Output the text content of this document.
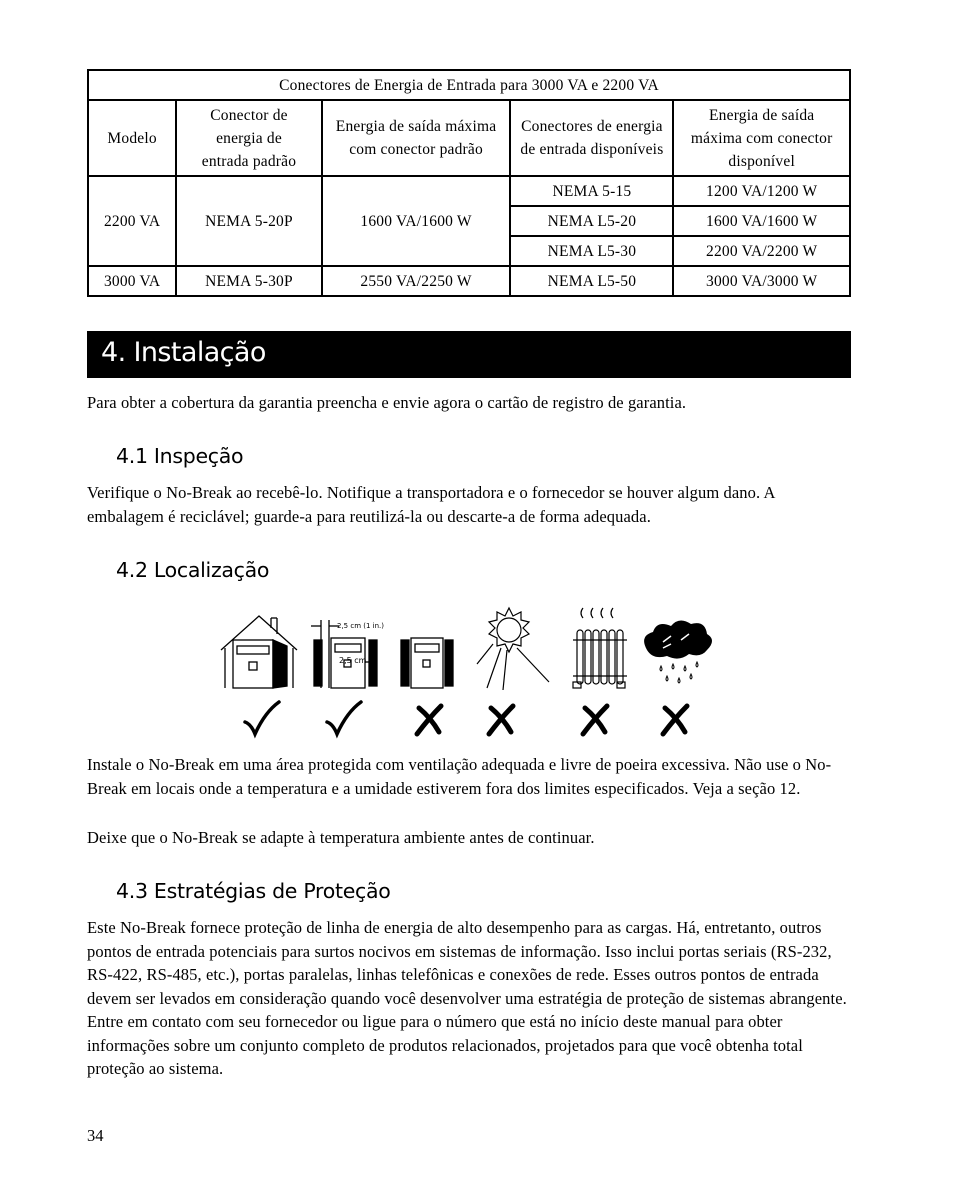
Conectores de Energia de Entrada para 3000 VA e 2200 VA				
Modelo	Conector de energia de entrada padrão	Energia de saída máxima com conector padrão	Conectores de energia de entrada disponíveis	Energia de saída máxima com conector disponível

2200 VA	NEMA 5-20P	1600 VA/1600 W	NEMA 5-15	1200 VA/1200 W
			NEMA L5-20	1600 VA/1600 W
			NEMA L5-30	2200 VA/2200 W
3000 VA	NEMA 5-30P	2550 VA/2250 W	NEMA L5-50	3000 VA/3000 W
4. Instalação

Para obter a cobertura da garantia preencha e envie agora o cartão de registro de garantia.

4.1 Inspeção

Verifique o No-Break ao recebê-lo. Notifique a transportadora e o fornecedor se houver algum dano. A embalagem é reciclável; guarde-a para reutilizá-la ou descarte-a de forma adequada.

4.2 Localização
2,5 cm (1 in.)
2,5 cm

Instale o No-Break em uma área protegida com ventilação adequada e livre de poeira excessiva. Não use o No-Break em locais onde a temperatura e a umidade estiverem fora dos limites especificados. Veja a seção 12.

Deixe que o No-Break se adapte à temperatura ambiente antes de continuar.

4.3 Estratégias de Proteção

Este No-Break fornece proteção de linha de energia de alto desempenho para as cargas. Há, entretanto, outros pontos de entrada potenciais para surtos nocivos em sistemas de informação. Isso inclui portas seriais (RS-232, RS-422, RS-485, etc.), portas paralelas, linhas telefônicas e conexões de rede. Esses outros pontos de entrada devem ser levados em consideração quando você desenvolver uma estratégia de proteção de sistemas abrangente. Entre em contato com seu fornecedor ou ligue para o número que está no início deste manual para obter informações sobre um conjunto completo de produtos relacionados, projetados para que você obtenha total proteção ao sistema.

34
